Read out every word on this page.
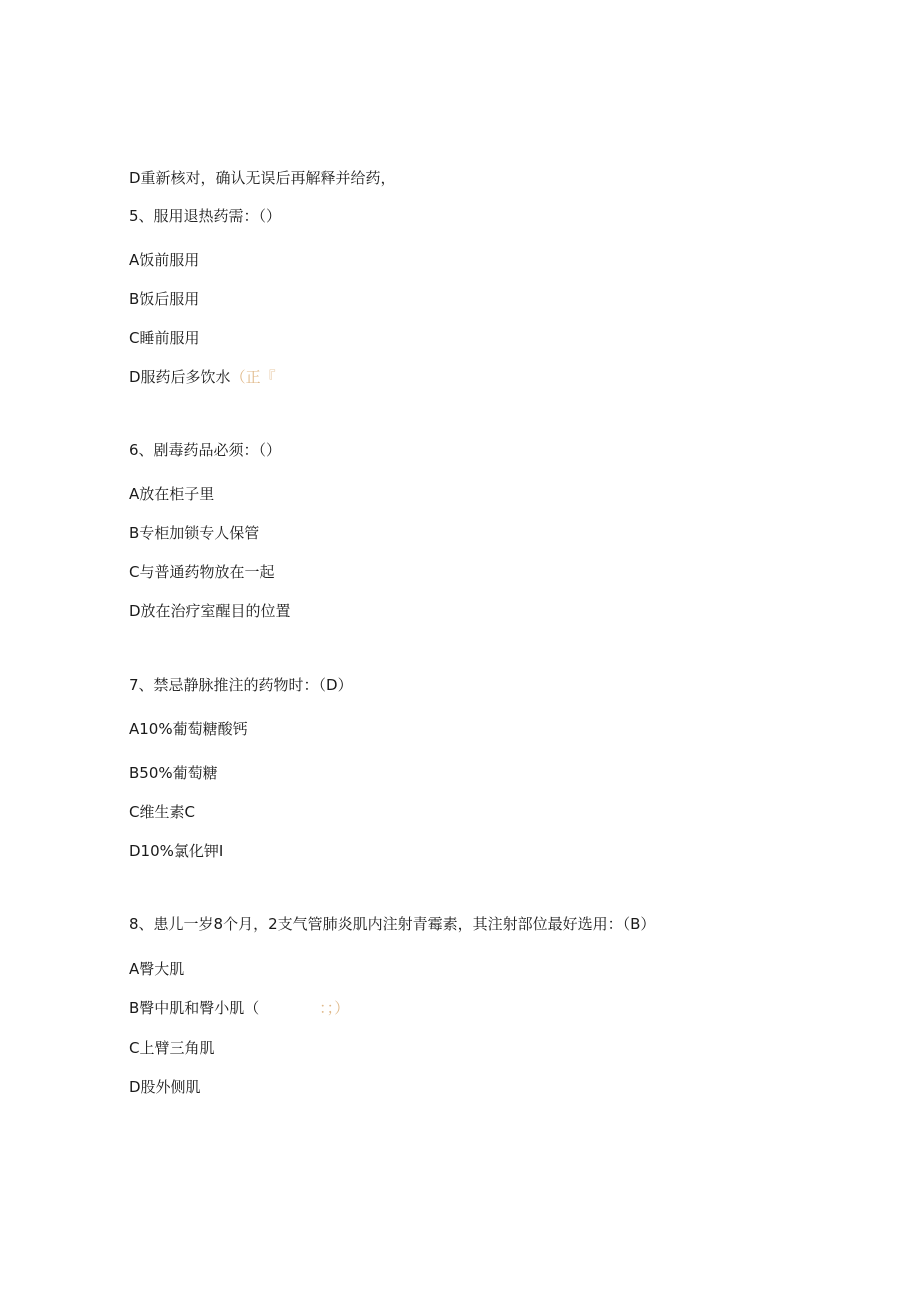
D重新核对，确认无误后再解释并给药，
5、服用退热药需：（）
A饭前服用
B饭后服用
C睡前服用
D服药后多饮水（正『
6、剧毒药品必须：（）
A放在柜子里
B专柜加锁专人保管
C与普通药物放在一起
D放在治疗室醒目的位置
7、禁忌静脉推注的药物时：（D）
A10%葡萄糖酸钙
B50%葡萄糖
C维生素C
D10%氯化钾I
8、患儿一岁8个月，2支气管肺炎肌内注射青霉素，其注射部位最好选用：（B）
A臀大肌
B臀中肌和臀小肌（	：；）
C上臂三角肌
D股外侧肌
